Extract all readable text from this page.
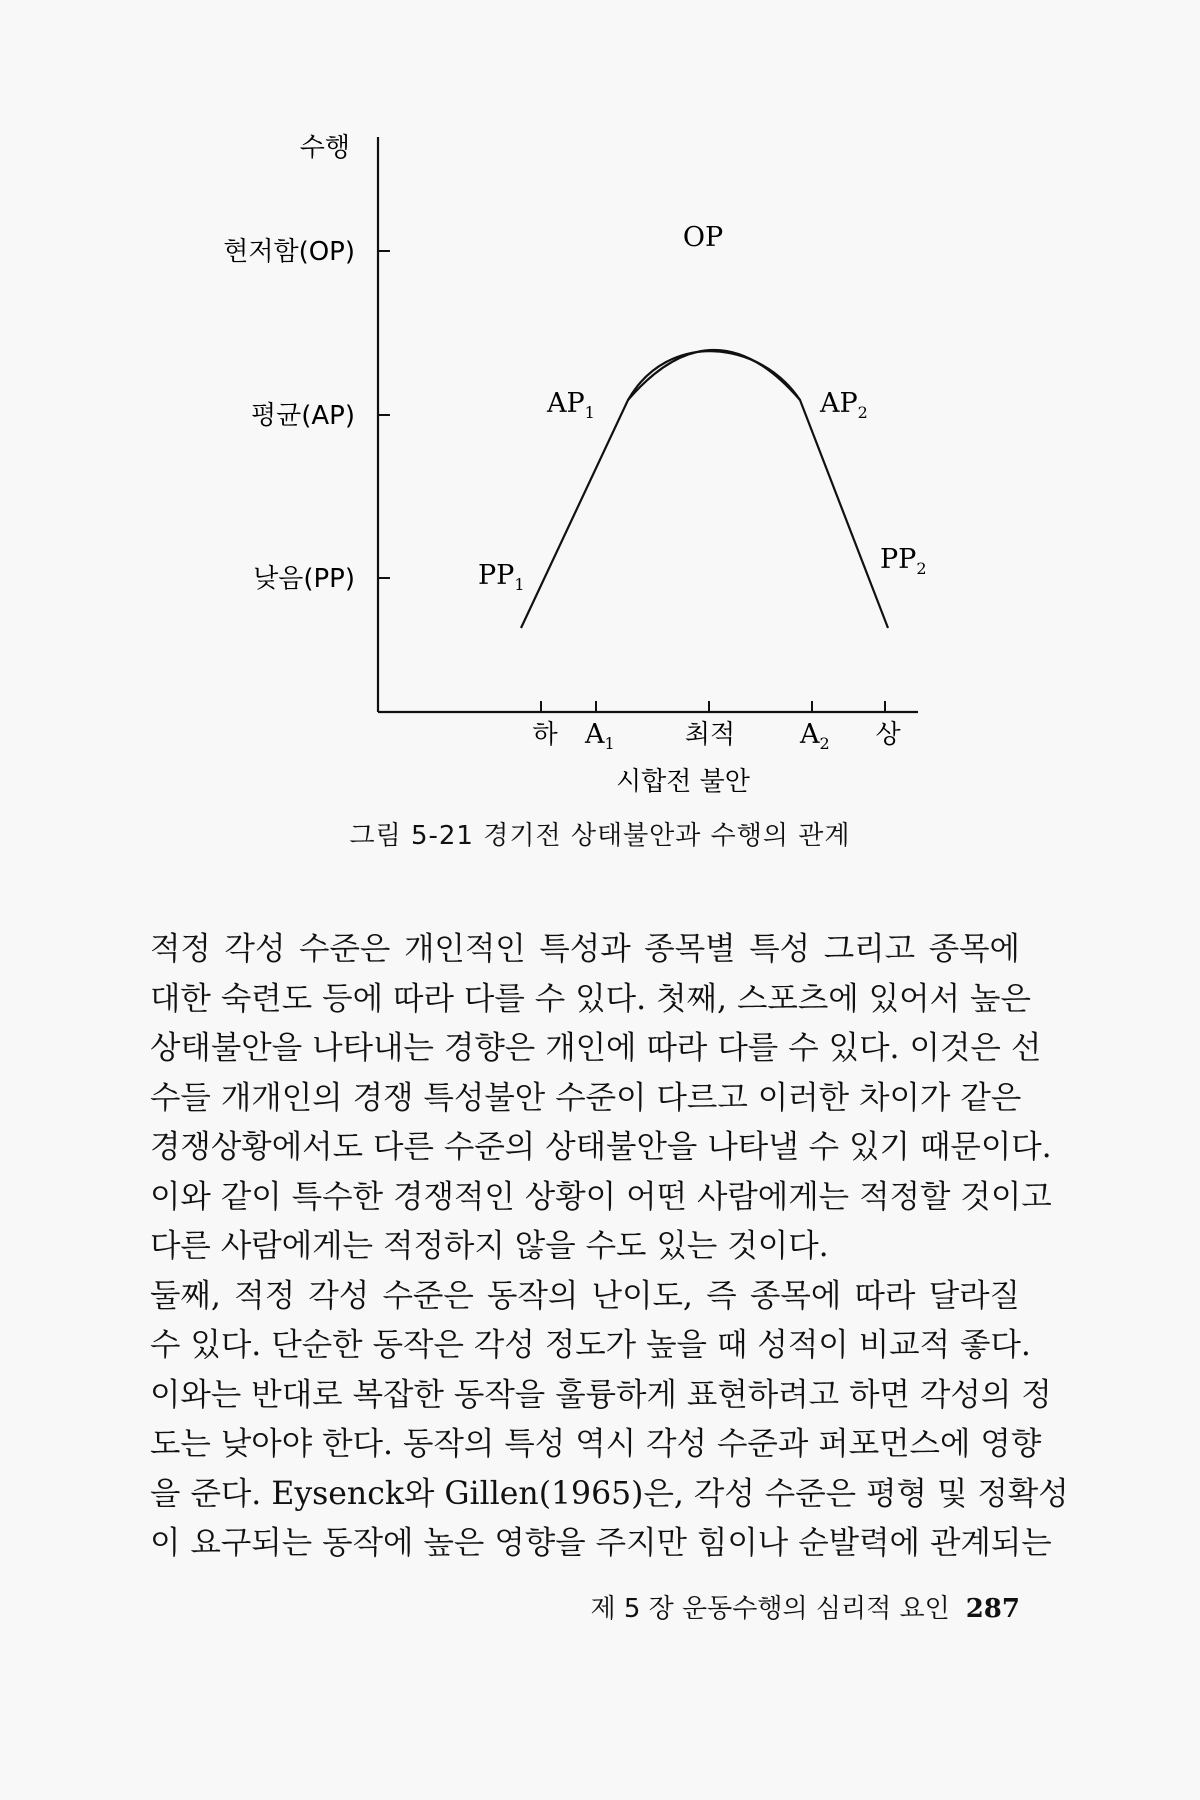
수행
현저함(OP)
평균(AP)
낮음(PP)
OP
$AP_1$	$AP_2$
$PP_1$
$PP_2$
하 $A_1$	최적 $A_2$ 상
시합전 불안
그림 5-21 경기전 상태불안과 수행의 관계
적정 각성 수준은 개인적인 특성과 종목별 특성 그리고 종목에
대한 숙련도 등에 따라 다를 수 있다. 첫째, 스포츠에 있어서 높은
상태불안을 나타내는 경향은 개인에 따라 다를 수 있다. 이것은 선
수들 개개인의 경쟁 특성불안 수준이 다르고 이러한 차이가 같은
경쟁상황에서도 다른 수준의 상태불안을 나타낼 수 있기 때문이다.
이와 같이 특수한 경쟁적인 상황이 어떤 사람에게는 적정할 것이고
다른 사람에게는 적정하지 않을 수도 있는 것이다.
둘째, 적정 각성 수준은 동작의 난이도, 즉 종목에 따라 달라질
수 있다. 단순한 동작은 각성 정도가 높을 때 성적이 비교적 좋다.
이와는 반대로 복잡한 동작을 훌륭하게 표현하려고 하면 각성의 정
도는 낮아야 한다. 동작의 특성 역시 각성 수준과 퍼포먼스에 영향
을 준다. Eysenck와 Gillen(1965)은, 각성 수준은 평형 및 정확성
이 요구되는 동작에 높은 영향을 주지만 힘이나 순발력에 관계되는
제 5 장 운동수행의 심리적 요인 287
